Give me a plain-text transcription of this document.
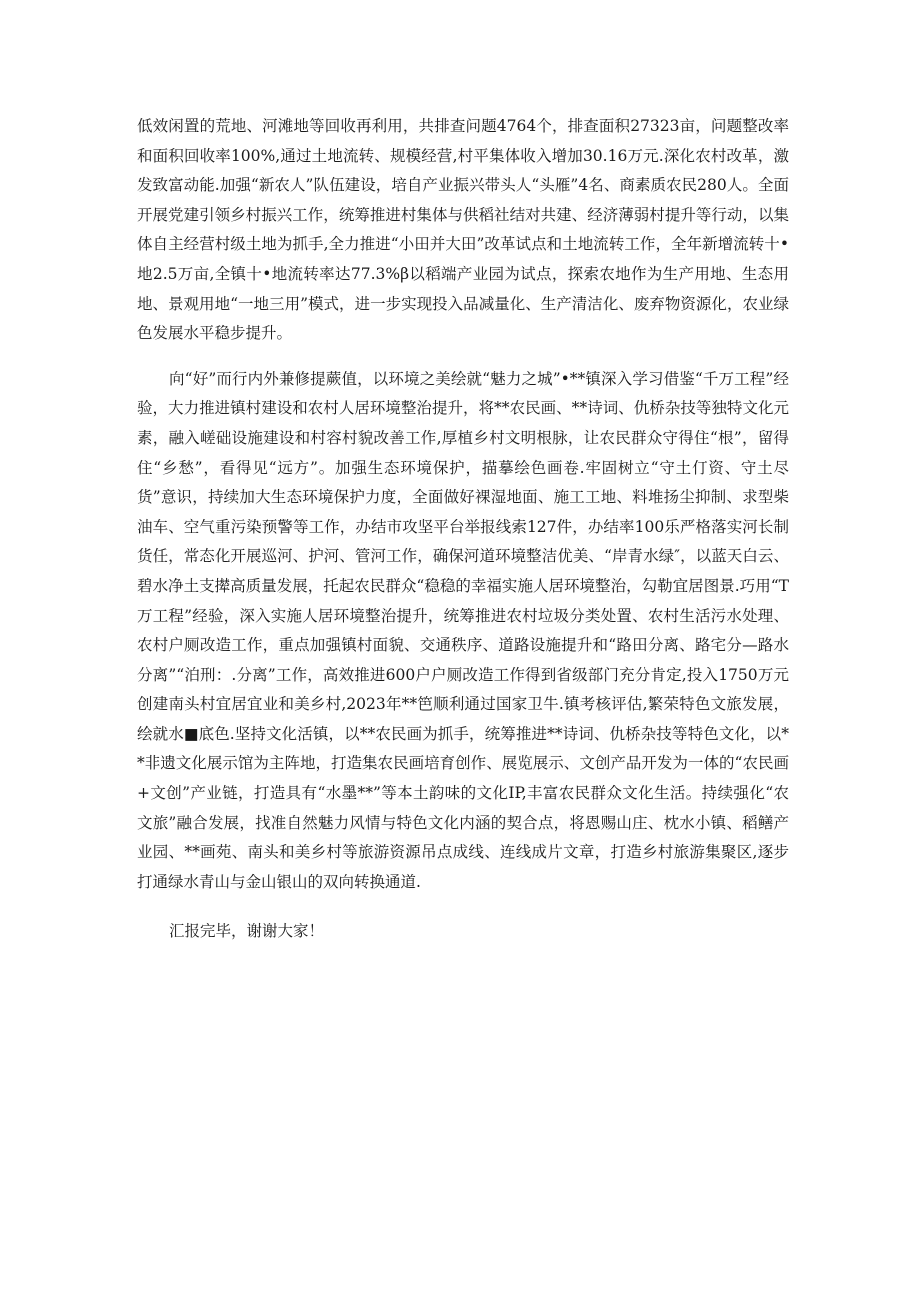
低效闲置的荒地、河滩地等回收再利用，共排查问题4764个，排查面积27323亩，问题整改率和面积回收率100%,通过土地流转、规模经营,村平集体收入增加30.16万元.深化农村改革，激发致富动能.加强“新农人”队伍建设，培自产业振兴带头人“头雁”4名、商素质农民280人。全面开展党建引领乡村振兴工作，统筹推进村集体与供稻社结对共建、经济薄弱村提升等行动，以集体自主经营村级土地为抓手,全力推进“小田并大田”改革试点和土地流转工作，全年新增流转十•地2.5万亩,全镇十•地流转率达77.3%β以稻端产业园为试点，探索农地作为生产用地、生态用地、景观用地“一地三用”模式，进一步实现投入品减量化、生产清洁化、废弃物资源化，农业绿色发展水平稳步提升。

向“好”而行内外兼修提蕨值，以环境之美绘就“魅力之城”•**镇深入学习借鉴“千万工程”经验，大力推进镇村建设和农村人居环境整治提升，将**农民画、**诗词、仇桥杂技等独特文化元素，融入嵯础设施建设和村容村貌改善工作,厚植乡村文明根脉，让农民群众守得住“根”，留得住“乡愁”，看得见“远方”。加强生态环境保护，描摹绘色画卷.牢固树立“守土仃资、守土尽货”意识，持续加大生态环境保护力度，全面做好裸湿地面、施工工地、料堆扬尘抑制、求型柴油车、空气重污染预警等工作，办结市攻坚平台举报线索127件，办结率100乐严格落实河长制货任，常态化开展巡河、护河、管河工作，确保河道环境整洁优美、“岸青水绿″，以蓝天白云、碧水净土支撵高质量发展，托起农民群众“稳稳的幸福实施人居环境整治，勾勒宜居图景.巧用“T万工程”经验，深入实施人居环境整治提升，统筹推进农村垃圾分类处置、农村生活污水处理、农村户厕改造工作，重点加强镇村面貌、交通秩序、道路设施提升和“路田分离、路宅分—路水分离”“泊刑：.分离”工作，高效推进600户户厕改造工作得到省级部门充分肯定,投入1750万元创建南头村宜居宜业和美乡村,2023年**笆顺利通过国家卫牛.镇考核评估,繁荣特色文旅发展，绘就水■底色.坚持文化活镇，以**农民画为抓手，统筹推进**诗词、仇桥杂技等特色文化，以**非遗文化展示馆为主阵地，打造集农民画培育创作、展览展示、文创产品开发为一体的“农民画+文创”产业链，打造具有“水墨**”等本土韵味的文化IP,丰富农民群众文化生活。持续强化“农文旅”融合发展，找准自然魅力风情与特色文化内涵的契合点，将恩赐山庄、枕水小镇、稻鳝产业园、**画苑、南头和美乡村等旅游资源吊点成线、连线成片文章，打造乡村旅游集聚区,逐步打通绿水青山与金山银山的双向转换通道.

汇报完毕，谢谢大家！
